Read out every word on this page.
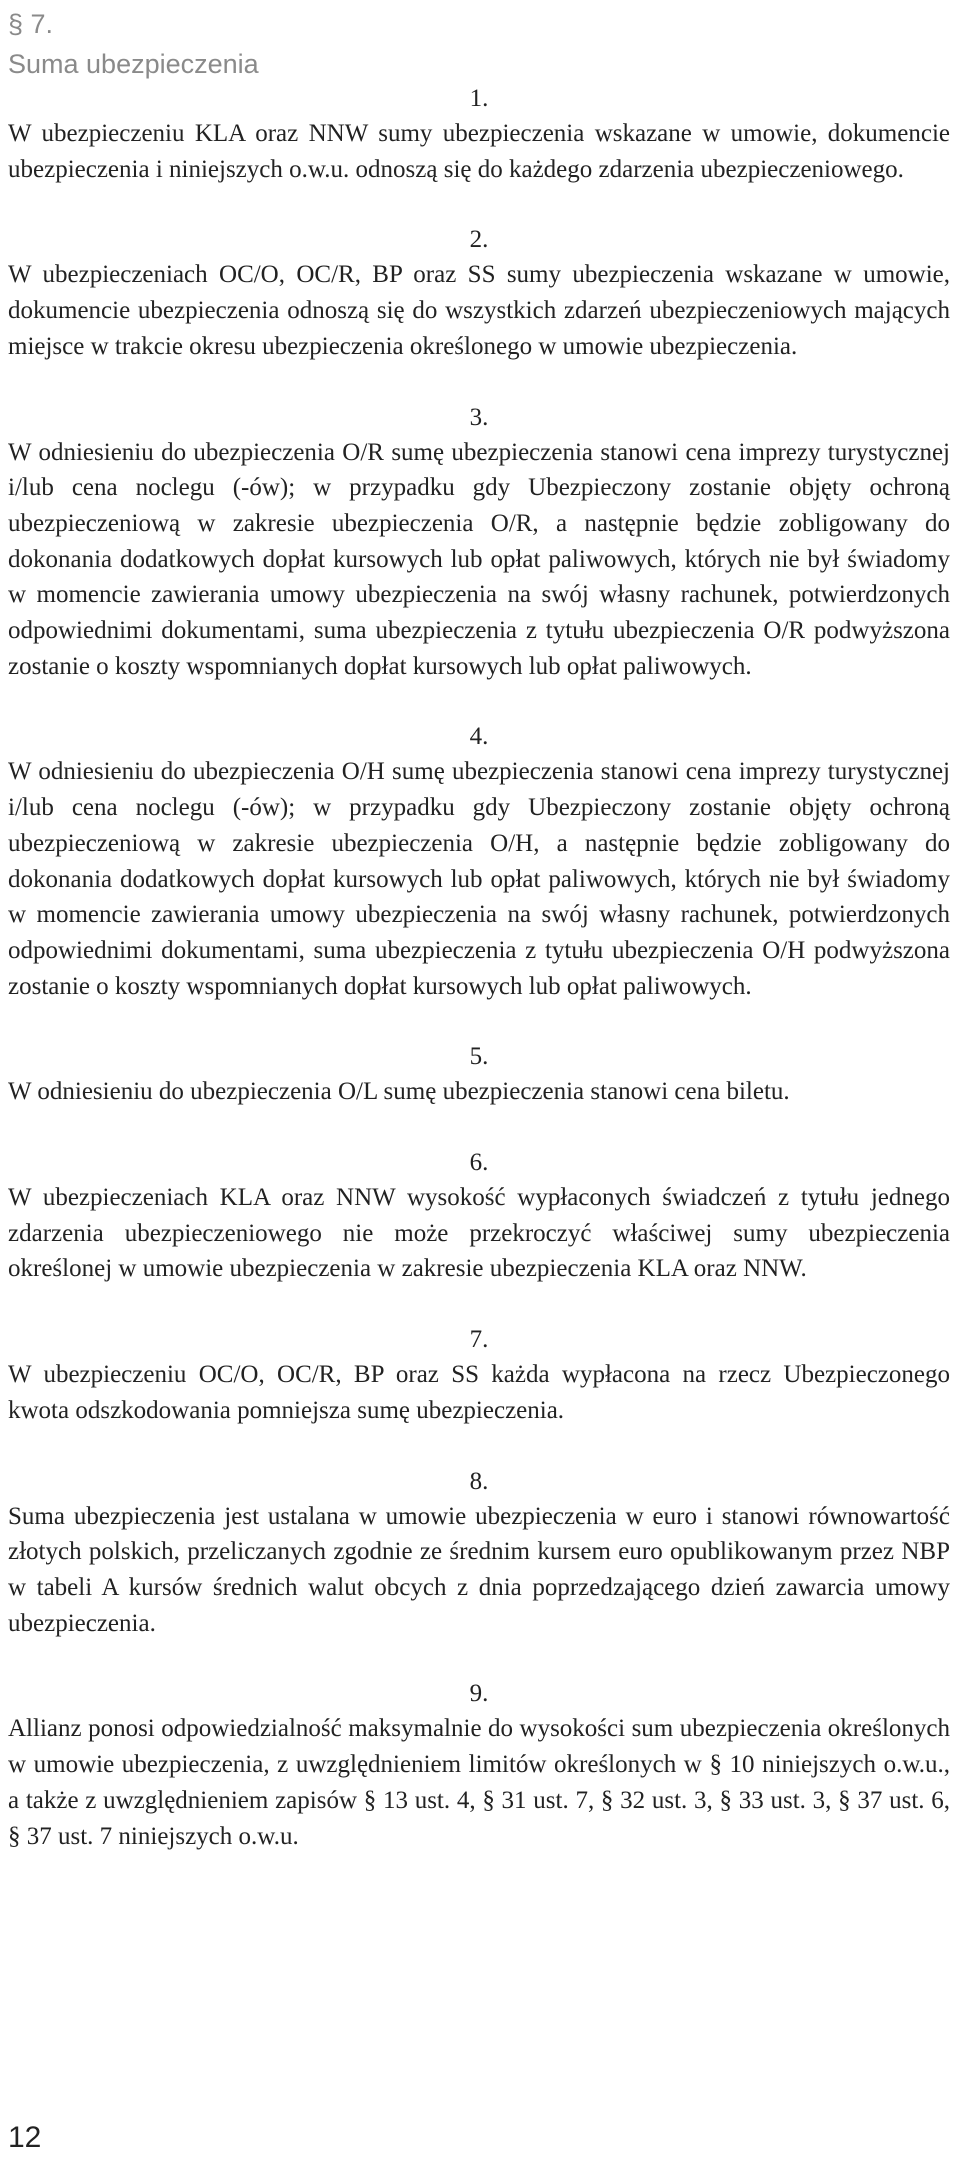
§ 7.
Suma ubezpieczenia
1.

W ubezpieczeniu KLA oraz NNW sumy ubezpieczenia wskazane w umowie, dokumencie ubezpieczenia i niniejszych o.w.u. odnoszą się do każdego zdarzenia ubezpieczeniowego.

2.

W ubezpieczeniach OC/O, OC/R, BP oraz SS sumy ubezpieczenia wskazane w umowie, dokumencie ubezpieczenia odnoszą się do wszystkich zdarzeń ubezpieczeniowych mających miejsce w trakcie okresu ubezpieczenia określonego w umowie ubezpieczenia.

3.

W odniesieniu do ubezpieczenia O/R sumę ubezpieczenia stanowi cena imprezy turystycznej i/lub cena noclegu (-ów); w przypadku gdy Ubezpieczony zostanie objęty ochroną ubezpieczeniową w zakresie ubezpieczenia O/R, a następnie będzie zobligowany do dokonania dodatkowych dopłat kursowych lub opłat paliwowych, których nie był świadomy w momencie zawierania umowy ubezpieczenia na swój własny rachunek, potwierdzonych odpowiednimi dokumentami, suma ubezpieczenia z tytułu ubezpieczenia O/R podwyższona zostanie o koszty wspomnianych dopłat kursowych lub opłat paliwowych.

4.

W odniesieniu do ubezpieczenia O/H sumę ubezpieczenia stanowi cena imprezy turystycznej i/lub cena noclegu (-ów); w przypadku gdy Ubezpieczony zostanie objęty ochroną ubezpieczeniową w zakresie ubezpieczenia O/H, a następnie będzie zobligowany do dokonania dodatkowych dopłat kursowych lub opłat paliwowych, których nie był świadomy w momencie zawierania umowy ubezpieczenia na swój własny rachunek, potwierdzonych odpowiednimi dokumentami, suma ubezpieczenia z tytułu ubezpieczenia O/H podwyższona zostanie o koszty wspomnianych dopłat kursowych lub opłat paliwowych.

5.

W odniesieniu do ubezpieczenia O/L sumę ubezpieczenia stanowi cena biletu.

6.

W ubezpieczeniach KLA oraz NNW wysokość wypłaconych świadczeń z tytułu jednego zdarzenia ubezpieczeniowego nie może przekroczyć właściwej sumy ubezpieczenia określonej w umowie ubezpieczenia w zakresie ubezpieczenia KLA oraz NNW.

7.

W ubezpieczeniu OC/O, OC/R, BP oraz SS każda wypłacona na rzecz Ubezpieczonego kwota odszkodowania pomniejsza sumę ubezpieczenia.

8.

Suma ubezpieczenia jest ustalana w umowie ubezpieczenia w euro i stanowi równowartość złotych polskich, przeliczanych zgodnie ze średnim kursem euro opublikowanym przez NBP w tabeli A kursów średnich walut obcych z dnia poprzedzającego dzień zawarcia umowy ubezpieczenia.

9.

Allianz ponosi odpowiedzialność maksymalnie do wysokości sum ubezpieczenia określonych w umowie ubezpieczenia, z uwzględnieniem limitów określonych w § 10 niniejszych o.w.u., a także z uwzględnieniem zapisów § 13 ust. 4, § 31 ust. 7, § 32 ust. 3, § 33 ust. 3, § 37 ust. 6, § 37 ust. 7 niniejszych o.w.u.

12
